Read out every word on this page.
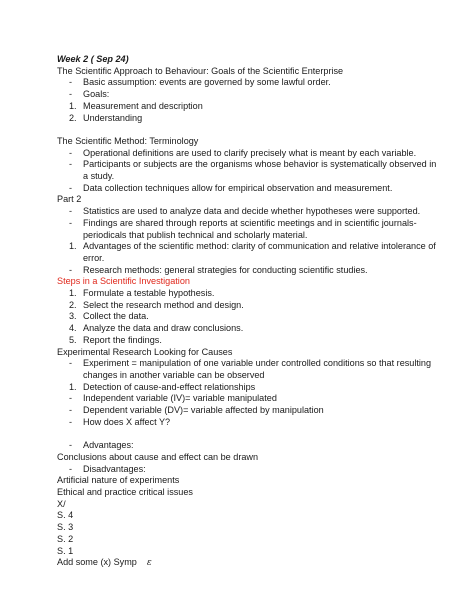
Week 2 ( Sep 24)
The Scientific Approach to Behaviour: Goals of the Scientific Enterprise
-	Basic assumption: events are governed by some lawful order.
-	Goals:
1. Measurement and description
2. Understanding
The Scientific Method: Terminology
-	Operational definitions are used to clarify precisely what is meant by each variable.
-	Participants or subjects are the organisms whose behavior is systematically observed in a study.
-	Data collection techniques allow for empirical observation and measurement.
Part 2
-	Statistics are used to analyze data and decide whether hypotheses were supported.
-	Findings are shared through reports at scientific meetings and in scientific journals-periodicals that publish technical and scholarly material.
1. Advantages of the scientific method: clarity of communication and relative intolerance of error.
-	Research methods: general strategies for conducting scientific studies.
Steps in a Scientific Investigation
1. Formulate a testable hypothesis.
2. Select the research method and design.
3. Collect the data.
4. Analyze the data and draw conclusions.
5. Report the findings.
Experimental Research Looking for Causes
-	Experiment = manipulation of one variable under controlled conditions so that resulting changes in another variable can be observed
1. Detection of cause-and-effect relationships
-	Independent variable (IV)= variable manipulated
-	Dependent variable (DV)= variable affected by manipulation
-	How does X affect Y?
-	Advantages:
Conclusions about cause and effect can be drawn
-	Disadvantages:
Artificial nature of experiments
Ethical and practice critical issues
X/
S. 4
S. 3
S. 2
S. 1
Add some (x) Symp ε
